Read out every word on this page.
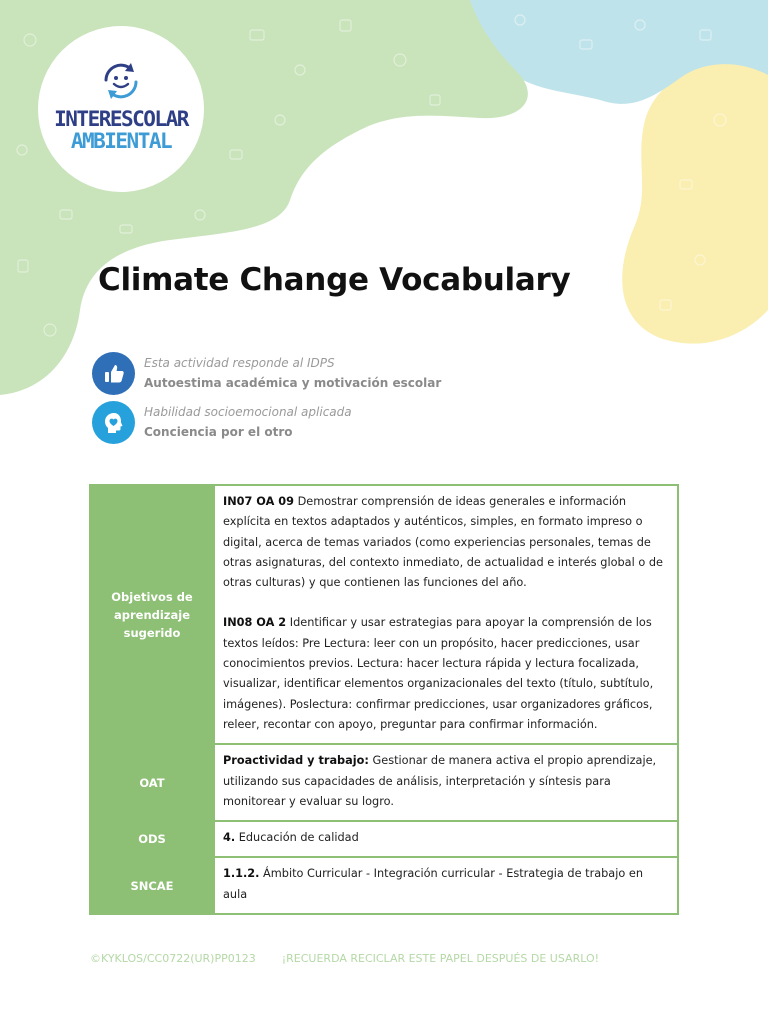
INTERESCOLAR
AMBIENTAL
Climate Change Vocabulary
Esta actividad responde al IDPS
Autoestima académica y motivación escolar
Habilidad socioemocional aplicada
Conciencia por el otro
Objetivos de aprendizaje sugerido	IN07 OA 09 Demostrar comprensión de ideas generales e información explícita en textos adaptados y auténticos, simples, en formato impreso o digital, acerca de temas variados (como experiencias personales, temas de otras asignaturas, del contexto inmediato, de actualidad e interés global o de otras culturas) y que contienen las funciones del año.
IN08 OA 2 Identificar y usar estrategias para apoyar la comprensión de los textos leídos: Pre Lectura: leer con un propósito, hacer predicciones, usar conocimientos previos. Lectura: hacer lectura rápida y lectura focalizada, visualizar, identificar elementos organizacionales del texto (título, subtítulo, imágenes). Poslectura: confirmar predicciones, usar organizadores gráficos, releer, recontar con apoyo, preguntar para confirmar información.

OAT	Proactividad y trabajo: Gestionar de manera activa el propio aprendizaje, utilizando sus capacidades de análisis, interpretación y síntesis para monitorear y evaluar su logro.

ODS	4. Educación de calidad

SNCAE	1.1.2. Ámbito Curricular - Integración curricular - Estrategia de trabajo en aula
©KYKLOS/CC0722(UR)PP0123 ¡RECUERDA RECICLAR ESTE PAPEL DESPUÉS DE USARLO!
